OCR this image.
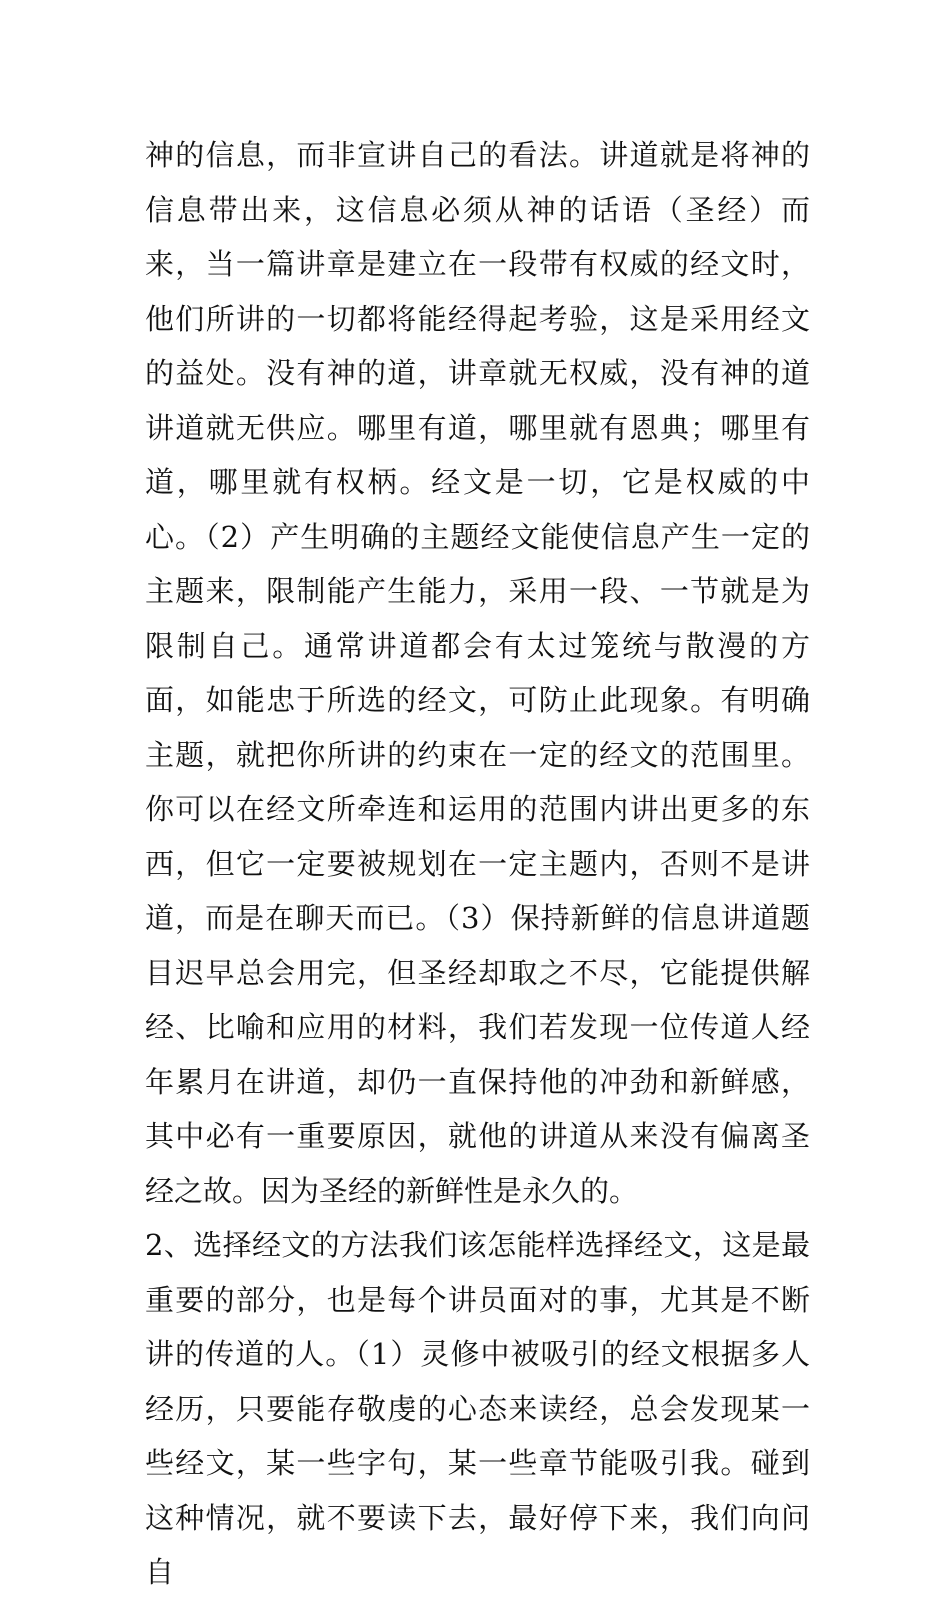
神的信息，而非宣讲自己的看法。讲道就是将神的信息带出来，这信息必须从神的话语（圣经）而来，当一篇讲章是建立在一段带有权威的经文时，他们所讲的一切都将能经得起考验，这是采用经文的益处。没有神的道，讲章就无权威，没有神的道讲道就无供应。哪里有道，哪里就有恩典；哪里有道，哪里就有权柄。经文是一切，它是权威的中心。（2）产生明确的主题经文能使信息产生一定的主题来，限制能产生能力，采用一段、一节就是为限制自己。通常讲道都会有太过笼统与散漫的方面，如能忠于所选的经文，可防止此现象。有明确主题，就把你所讲的约束在一定的经文的范围里。你可以在经文所牵连和运用的范围内讲出更多的东西，但它一定要被规划在一定主题内，否则不是讲道，而是在聊天而已。（3）保持新鲜的信息讲道题目迟早总会用完，但圣经却取之不尽，它能提供解经、比喻和应用的材料，我们若发现一位传道人经年累月在讲道，却仍一直保持他的冲劲和新鲜感，其中必有一重要原因，就他的讲道从来没有偏离圣经之故。因为圣经的新鲜性是永久的。

2、选择经文的方法我们该怎能样选择经文，这是最重要的部分，也是每个讲员面对的事，尤其是不断讲的传道的人。（1）灵修中被吸引的经文根据多人经历，只要能存敬虔的心态来读经，总会发现某一些经文，某一些字句，某一些章节能吸引我。碰到这种情况，就不要读下去，最好停下来，我们向问自
